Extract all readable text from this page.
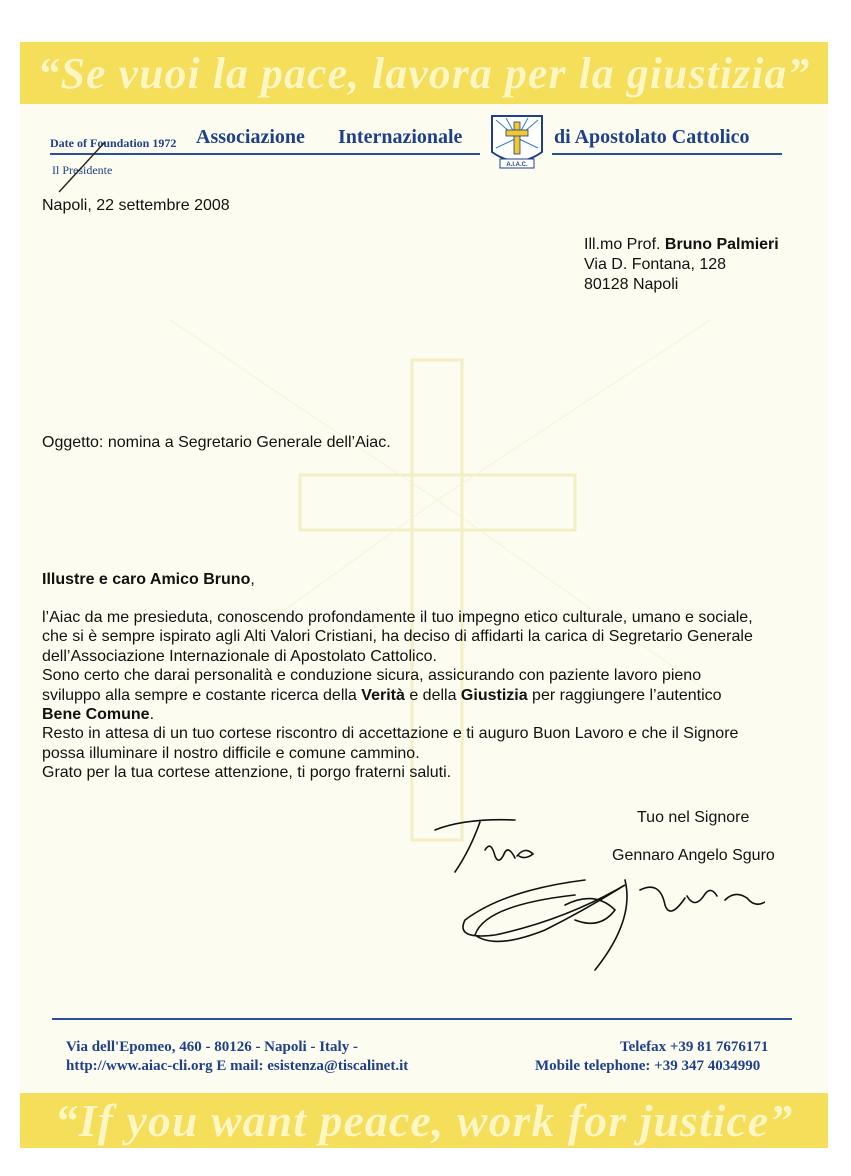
“Se vuoi la pace, lavora per la giustizia”
Date of Foundation 1972 Associazione Internazionale	di Apostolato Cattolico
Il Presidente	A.I.A.C.
Napoli, 22 settembre 2008
Ill.mo Prof. Bruno Palmieri
Via D. Fontana, 128
80128 Napoli
Oggetto: nomina a Segretario Generale dell’Aiac.
Illustre e caro Amico Bruno,
l’Aiac da me presieduta, conoscendo profondamente il tuo impegno etico culturale, umano e sociale,
che si è sempre ispirato agli Alti Valori Cristiani, ha deciso di affidarti la carica di Segretario Generale
dell’Associazione Internazionale di Apostolato Cattolico.
Sono certo che darai personalità e conduzione sicura, assicurando con paziente lavoro pieno
sviluppo alla sempre e costante ricerca della Verità e della Giustizia per raggiungere l’autentico
Bene Comune.
Resto in attesa di un tuo cortese riscontro di accettazione e ti auguro Buon Lavoro e che il Signore
possa illuminare il nostro difficile e comune cammino.
Grato per la tua cortese attenzione, ti porgo fraterni saluti.
Tuo nel Signore
Gennaro Angelo Sguro
Via dell'Epomeo, 460 - 80126 - Napoli - Italy -
http://www.aiac-cli.org E mail: esistenza@tiscalinet.it
Telefax +39 81 7676171
Mobile telephone: +39 347 4034990
“If you want peace, work for justice”
